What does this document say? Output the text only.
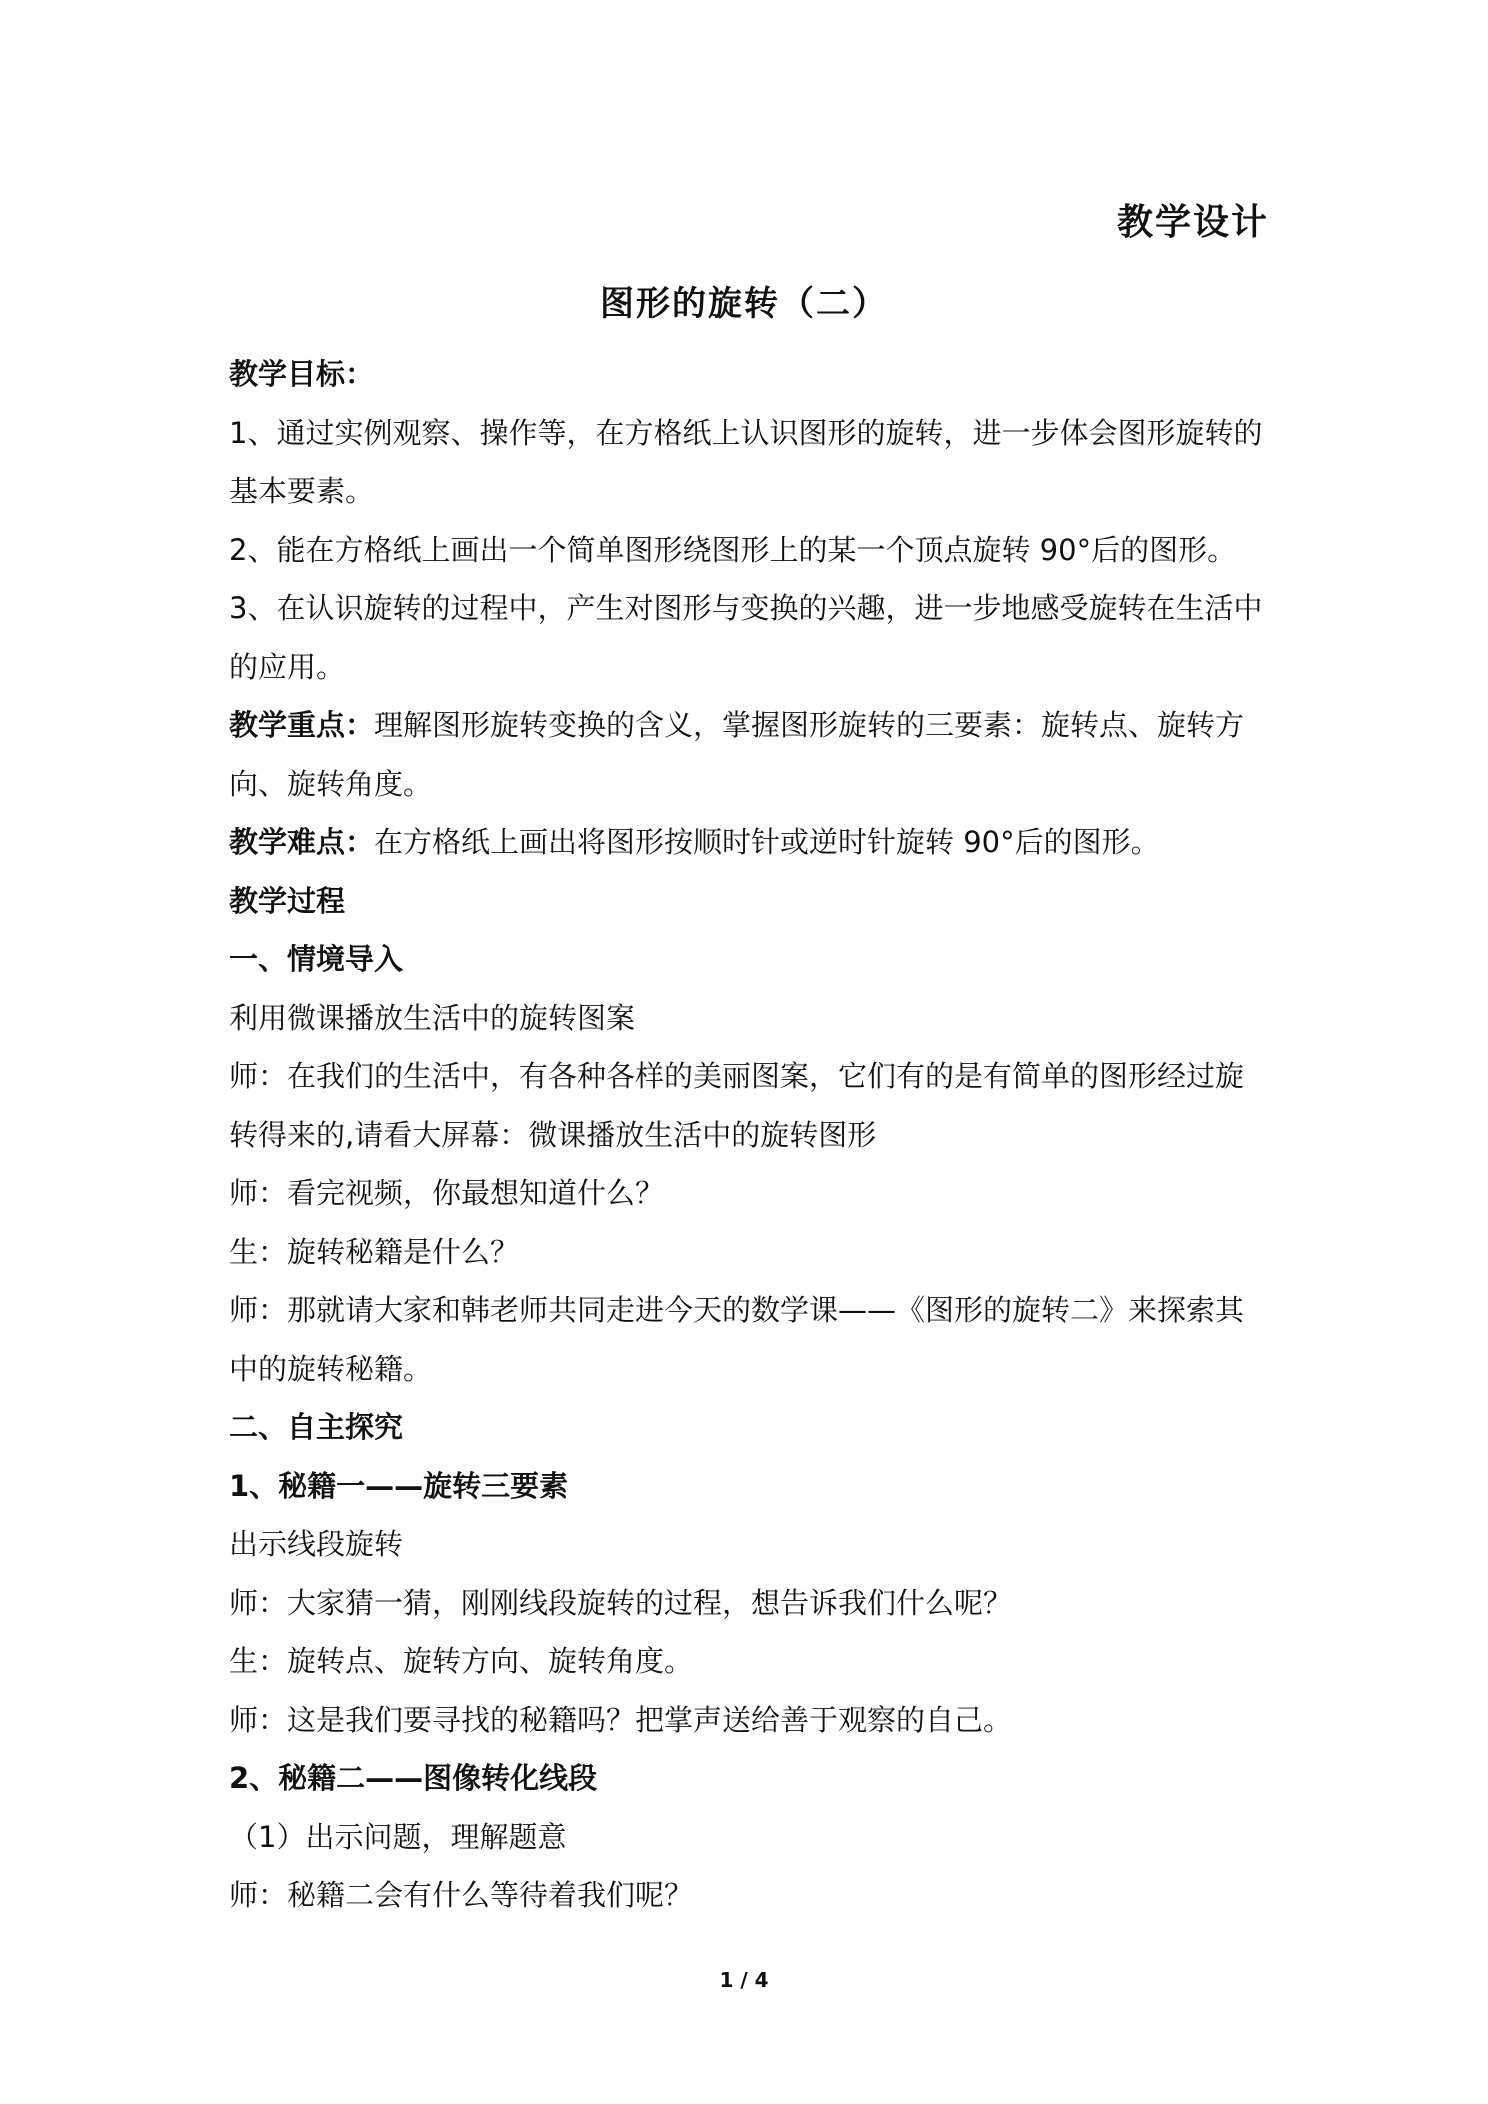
教学设计
图形的旋转（二）

教学目标：

1、通过实例观察、操作等，在方格纸上认识图形的旋转，进一步体会图形旋转的基本要素。

2、能在方格纸上画出一个简单图形绕图形上的某一个顶点旋转 90°后的图形。

3、在认识旋转的过程中，产生对图形与变换的兴趣，进一步地感受旋转在生活中的应用。

教学重点：理解图形旋转变换的含义，掌握图形旋转的三要素：旋转点、旋转方向、旋转角度。

教学难点：在方格纸上画出将图形按顺时针或逆时针旋转 90°后的图形。

教学过程

一、情境导入

利用微课播放生活中的旋转图案

师：在我们的生活中，有各种各样的美丽图案，它们有的是有简单的图形经过旋转得来的,请看大屏幕：微课播放生活中的旋转图形

师：看完视频，你最想知道什么？

生：旋转秘籍是什么？

师：那就请大家和韩老师共同走进今天的数学课——《图形的旋转二》来探索其中的旋转秘籍。

二、自主探究

1、秘籍一——旋转三要素

出示线段旋转

师：大家猜一猜，刚刚线段旋转的过程，想告诉我们什么呢？

生：旋转点、旋转方向、旋转角度。

师：这是我们要寻找的秘籍吗？把掌声送给善于观察的自己。

2、秘籍二——图像转化线段

（1）出示问题，理解题意

师：秘籍二会有什么等待着我们呢？

1 / 4
